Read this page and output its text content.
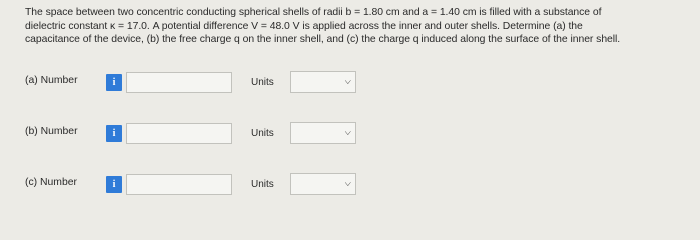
The space between two concentric conducting spherical shells of radii b = 1.80 cm and a = 1.40 cm is filled with a substance of

dielectric constant κ = 17.0. A potential difference V = 48.0 V is applied across the inner and outer shells. Determine (a) the

capacitance of the device, (b) the free charge q on the inner shell, and (c) the charge q induced along the surface of the inner shell.

(a) Number	i	Units	⌵
(b) Number	i	Units	⌵
(c) Number	i	Units	⌵
